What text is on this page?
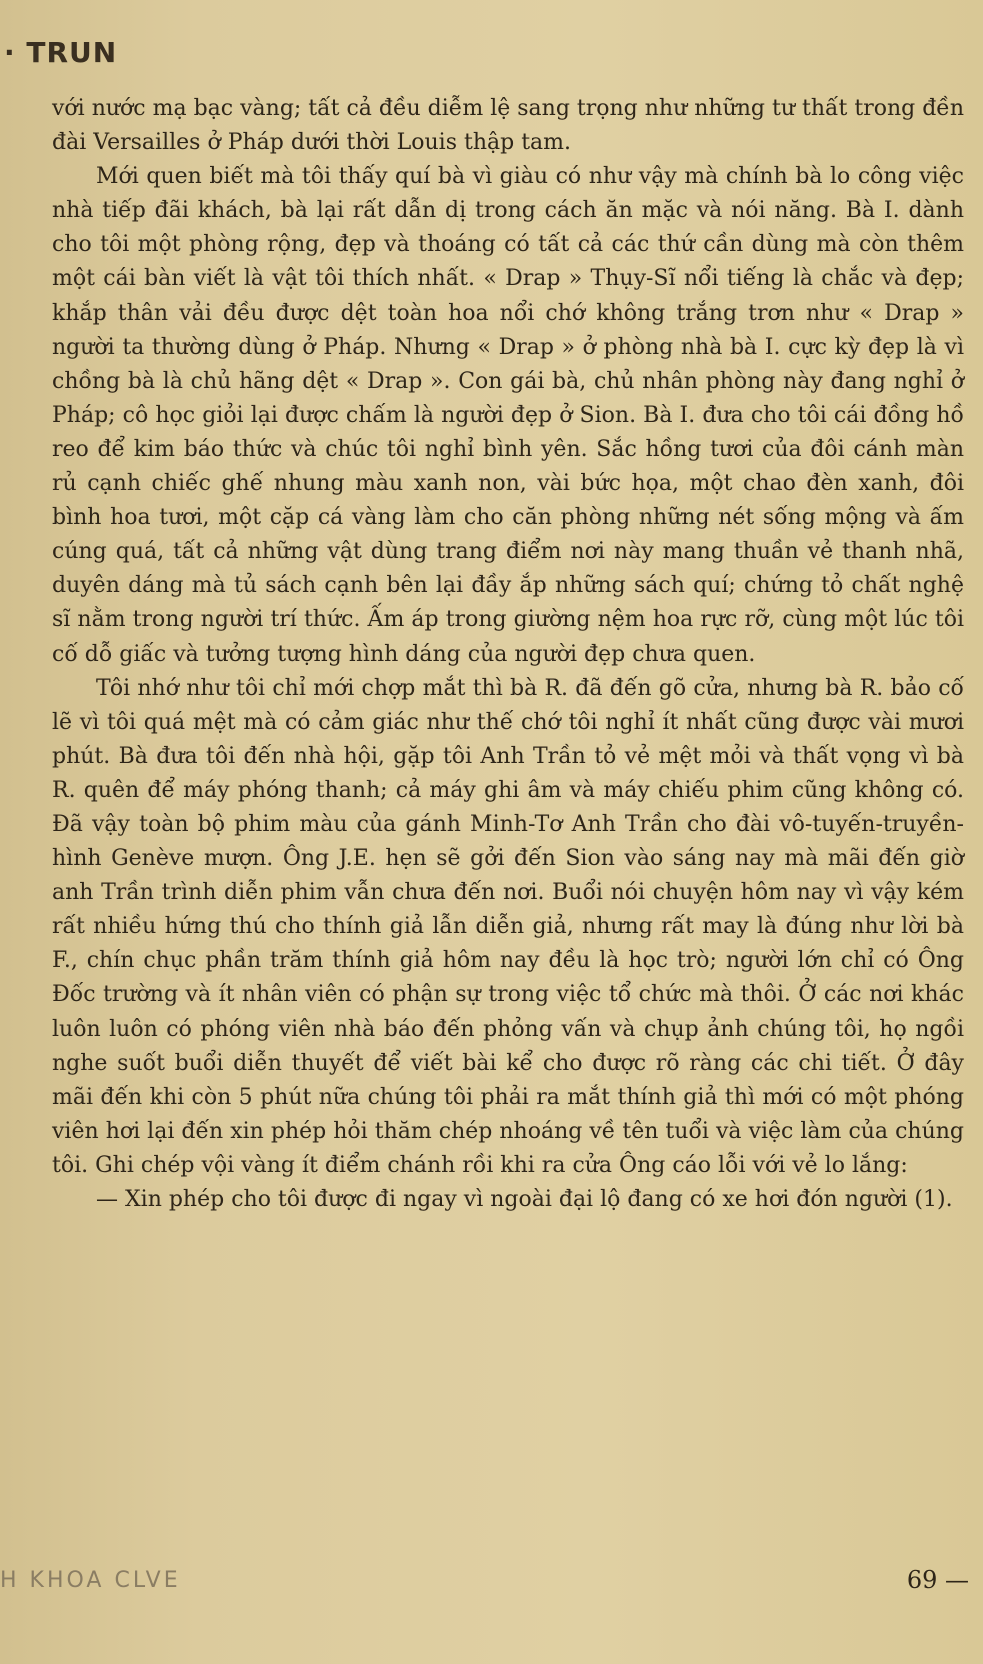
· TRUN

với nước mạ bạc vàng; tất cả đều diễm lệ sang trọng như những tư thất trong đền đài Versailles ở Pháp dưới thời Louis thập tam.

Mới quen biết mà tôi thấy quí bà vì giàu có như vậy mà chính bà lo công việc nhà tiếp đãi khách, bà lại rất dẫn dị trong cách ăn mặc và nói năng. Bà I. dành cho tôi một phòng rộng, đẹp và thoáng có tất cả các thứ cần dùng mà còn thêm một cái bàn viết là vật tôi thích nhất. « Drap » Thụy-Sĩ nổi tiếng là chắc và đẹp; khắp thân vải đều được dệt toàn hoa nổi chớ không trắng trơn như « Drap » người ta thường dùng ở Pháp. Nhưng « Drap » ở phòng nhà bà I. cực kỳ đẹp là vì chồng bà là chủ hãng dệt « Drap ». Con gái bà, chủ nhân phòng này đang nghỉ ở Pháp; cô học giỏi lại được chấm là người đẹp ở Sion. Bà I. đưa cho tôi cái đồng hồ reo để kim báo thức và chúc tôi nghỉ bình yên. Sắc hồng tươi của đôi cánh màn rủ cạnh chiếc ghế nhung màu xanh non, vài bức họa, một chao đèn xanh, đôi bình hoa tươi, một cặp cá vàng làm cho căn phòng những nét sống mộng và ấm cúng quá, tất cả những vật dùng trang điểm nơi này mang thuần vẻ thanh nhã, duyên dáng mà tủ sách cạnh bên lại đầy ắp những sách quí; chứng tỏ chất nghệ sĩ nằm trong người trí thức. Ấm áp trong giường nệm hoa rực rỡ, cùng một lúc tôi cố dỗ giấc và tưởng tượng hình dáng của người đẹp chưa quen.

Tôi nhớ như tôi chỉ mới chợp mắt thì bà R. đã đến gõ cửa, nhưng bà R. bảo cố lẽ vì tôi quá mệt mà có cảm giác như thế chớ tôi nghỉ ít nhất cũng được vài mươi phút. Bà đưa tôi đến nhà hội, gặp tôi Anh Trần tỏ vẻ mệt mỏi và thất vọng vì bà R. quên để máy phóng thanh; cả máy ghi âm và máy chiếu phim cũng không có. Đã vậy toàn bộ phim màu của gánh Minh-Tơ Anh Trần cho đài vô-tuyến-truyền-hình Genève mượn. Ông J.E. hẹn sẽ gởi đến Sion vào sáng nay mà mãi đến giờ anh Trần trình diễn phim vẫn chưa đến nơi. Buổi nói chuyện hôm nay vì vậy kém rất nhiều hứng thú cho thính giả lẫn diễn giả, nhưng rất may là đúng như lời bà F., chín chục phần trăm thính giả hôm nay đều là học trò; người lớn chỉ có Ông Đốc trường và ít nhân viên có phận sự trong việc tổ chức mà thôi. Ở các nơi khác luôn luôn có phóng viên nhà báo đến phỏng vấn và chụp ảnh chúng tôi, họ ngồi nghe suốt buổi diễn thuyết để viết bài kể cho được rõ ràng các chi tiết. Ở đây mãi đến khi còn 5 phút nữa chúng tôi phải ra mắt thính giả thì mới có một phóng viên hơi lại đến xin phép hỏi thăm chép nhoáng về tên tuổi và việc làm của chúng tôi. Ghi chép vội vàng ít điểm chánh rồi khi ra cửa Ông cáo lỗi với vẻ lo lắng:

— Xin phép cho tôi được đi ngay vì ngoài đại lộ đang có xe hơi đón người (1).

H KHOA CLVE	69 —
